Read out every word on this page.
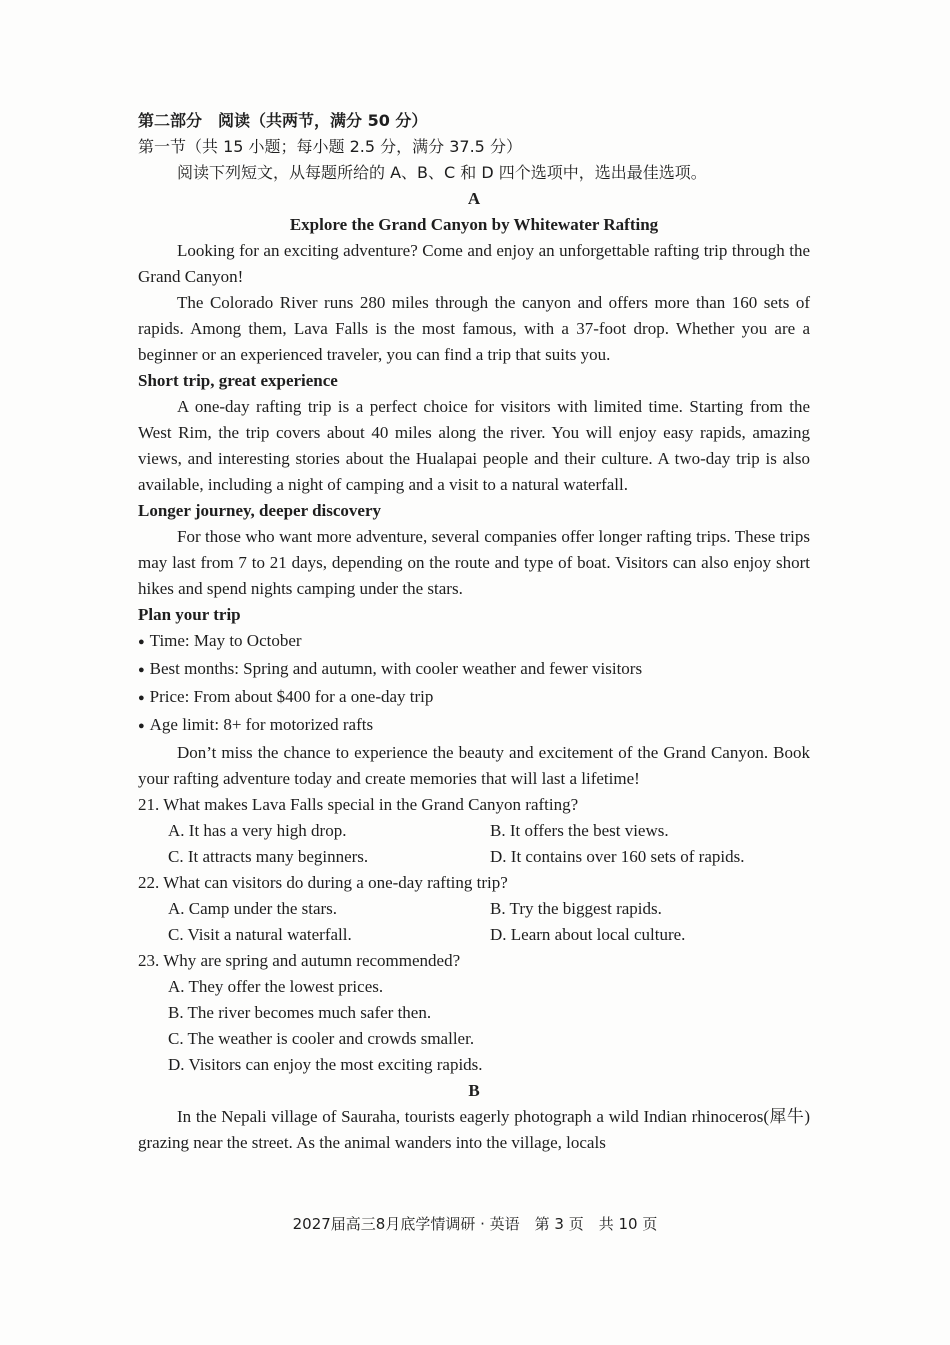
第二部分　阅读（共两节，满分 50 分）
第一节（共 15 小题；每小题 2.5 分，满分 37.5 分）
阅读下列短文，从每题所给的 A、B、C 和 D 四个选项中，选出最佳选项。
A
Explore the Grand Canyon by Whitewater Rafting

Looking for an exciting adventure? Come and enjoy an unforgettable rafting trip through the Grand Canyon!

The Colorado River runs 280 miles through the canyon and offers more than 160 sets of rapids. Among them, Lava Falls is the most famous, with a 37-foot drop. Whether you are a beginner or an experienced traveler, you can find a trip that suits you.

Short trip, great experience

A one-day rafting trip is a perfect choice for visitors with limited time. Starting from the West Rim, the trip covers about 40 miles along the river. You will enjoy easy rapids, amazing views, and interesting stories about the Hualapai people and their culture. A two-day trip is also available, including a night of camping and a visit to a natural waterfall.

Longer journey, deeper discovery

For those who want more adventure, several companies offer longer rafting trips. These trips may last from 7 to 21 days, depending on the route and type of boat. Visitors can also enjoy short hikes and spend nights camping under the stars.

Plan your trip
● Time: May to October
● Best months: Spring and autumn, with cooler weather and fewer visitors
● Price: From about $400 for a one-day trip
● Age limit: 8+ for motorized rafts

Don’t miss the chance to experience the beauty and excitement of the Grand Canyon. Book your rafting adventure today and create memories that will last a lifetime!

21. What makes Lava Falls special in the Grand Canyon rafting?
A. It has a very high drop.	B. It offers the best views.
C. It attracts many beginners.	D. It contains over 160 sets of rapids.
22. What can visitors do during a one-day rafting trip?
A. Camp under the stars.	B. Try the biggest rapids.
C. Visit a natural waterfall.	D. Learn about local culture.
23. Why are spring and autumn recommended?
A. They offer the lowest prices.
B. The river becomes much safer then.
C. The weather is cooler and crowds smaller.
D. Visitors can enjoy the most exciting rapids.
B

In the Nepali village of Sauraha, tourists eagerly photograph a wild Indian rhinoceros(犀牛) grazing near the street. As the animal wanders into the village, locals

2027届高三8月底学情调研 · 英语　第 3 页　共 10 页
